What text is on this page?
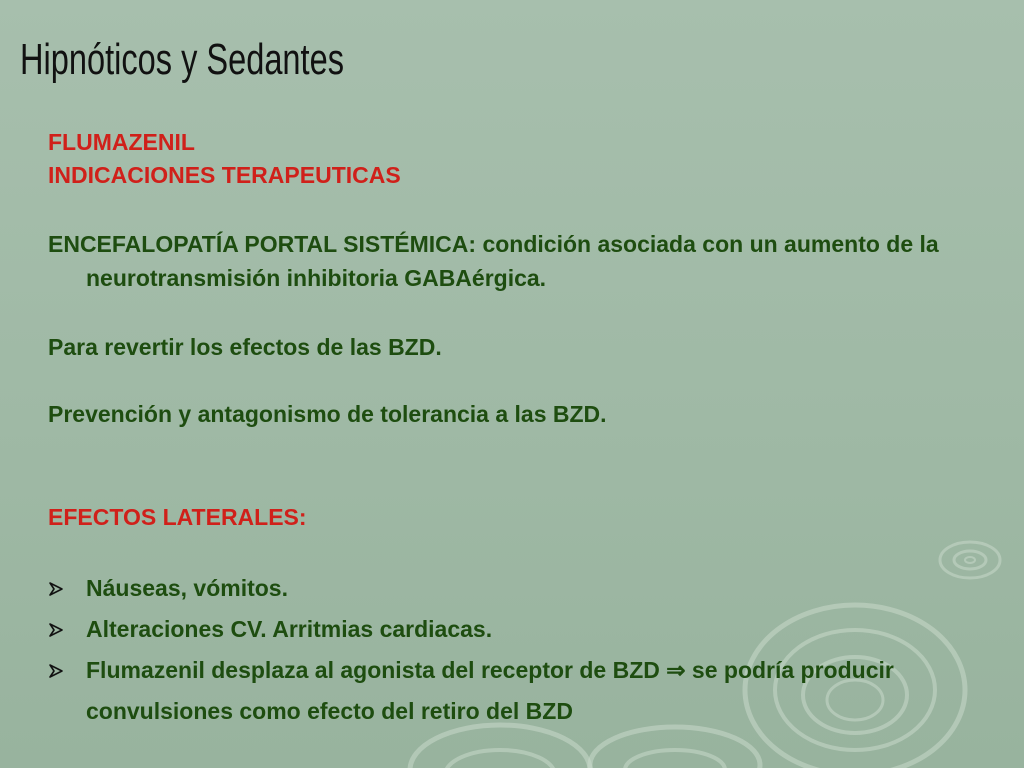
Hipnóticos y Sedantes

FLUMAZENIL

INDICACIONES TERAPEUTICAS

ENCEFALOPATÍA PORTAL SISTÉMICA: condición asociada con un aumento de la neurotransmisión inhibitoria GABAérgica.

Para revertir los efectos de las BZD.

Prevención y antagonismo de tolerancia a las BZD.

EFECTOS LATERALES:

Náuseas, vómitos.
Alteraciones CV. Arritmias cardiacas.
Flumazenil desplaza al agonista del receptor de BZD ⇒ se podría producir convulsiones como efecto del retiro del BZD
